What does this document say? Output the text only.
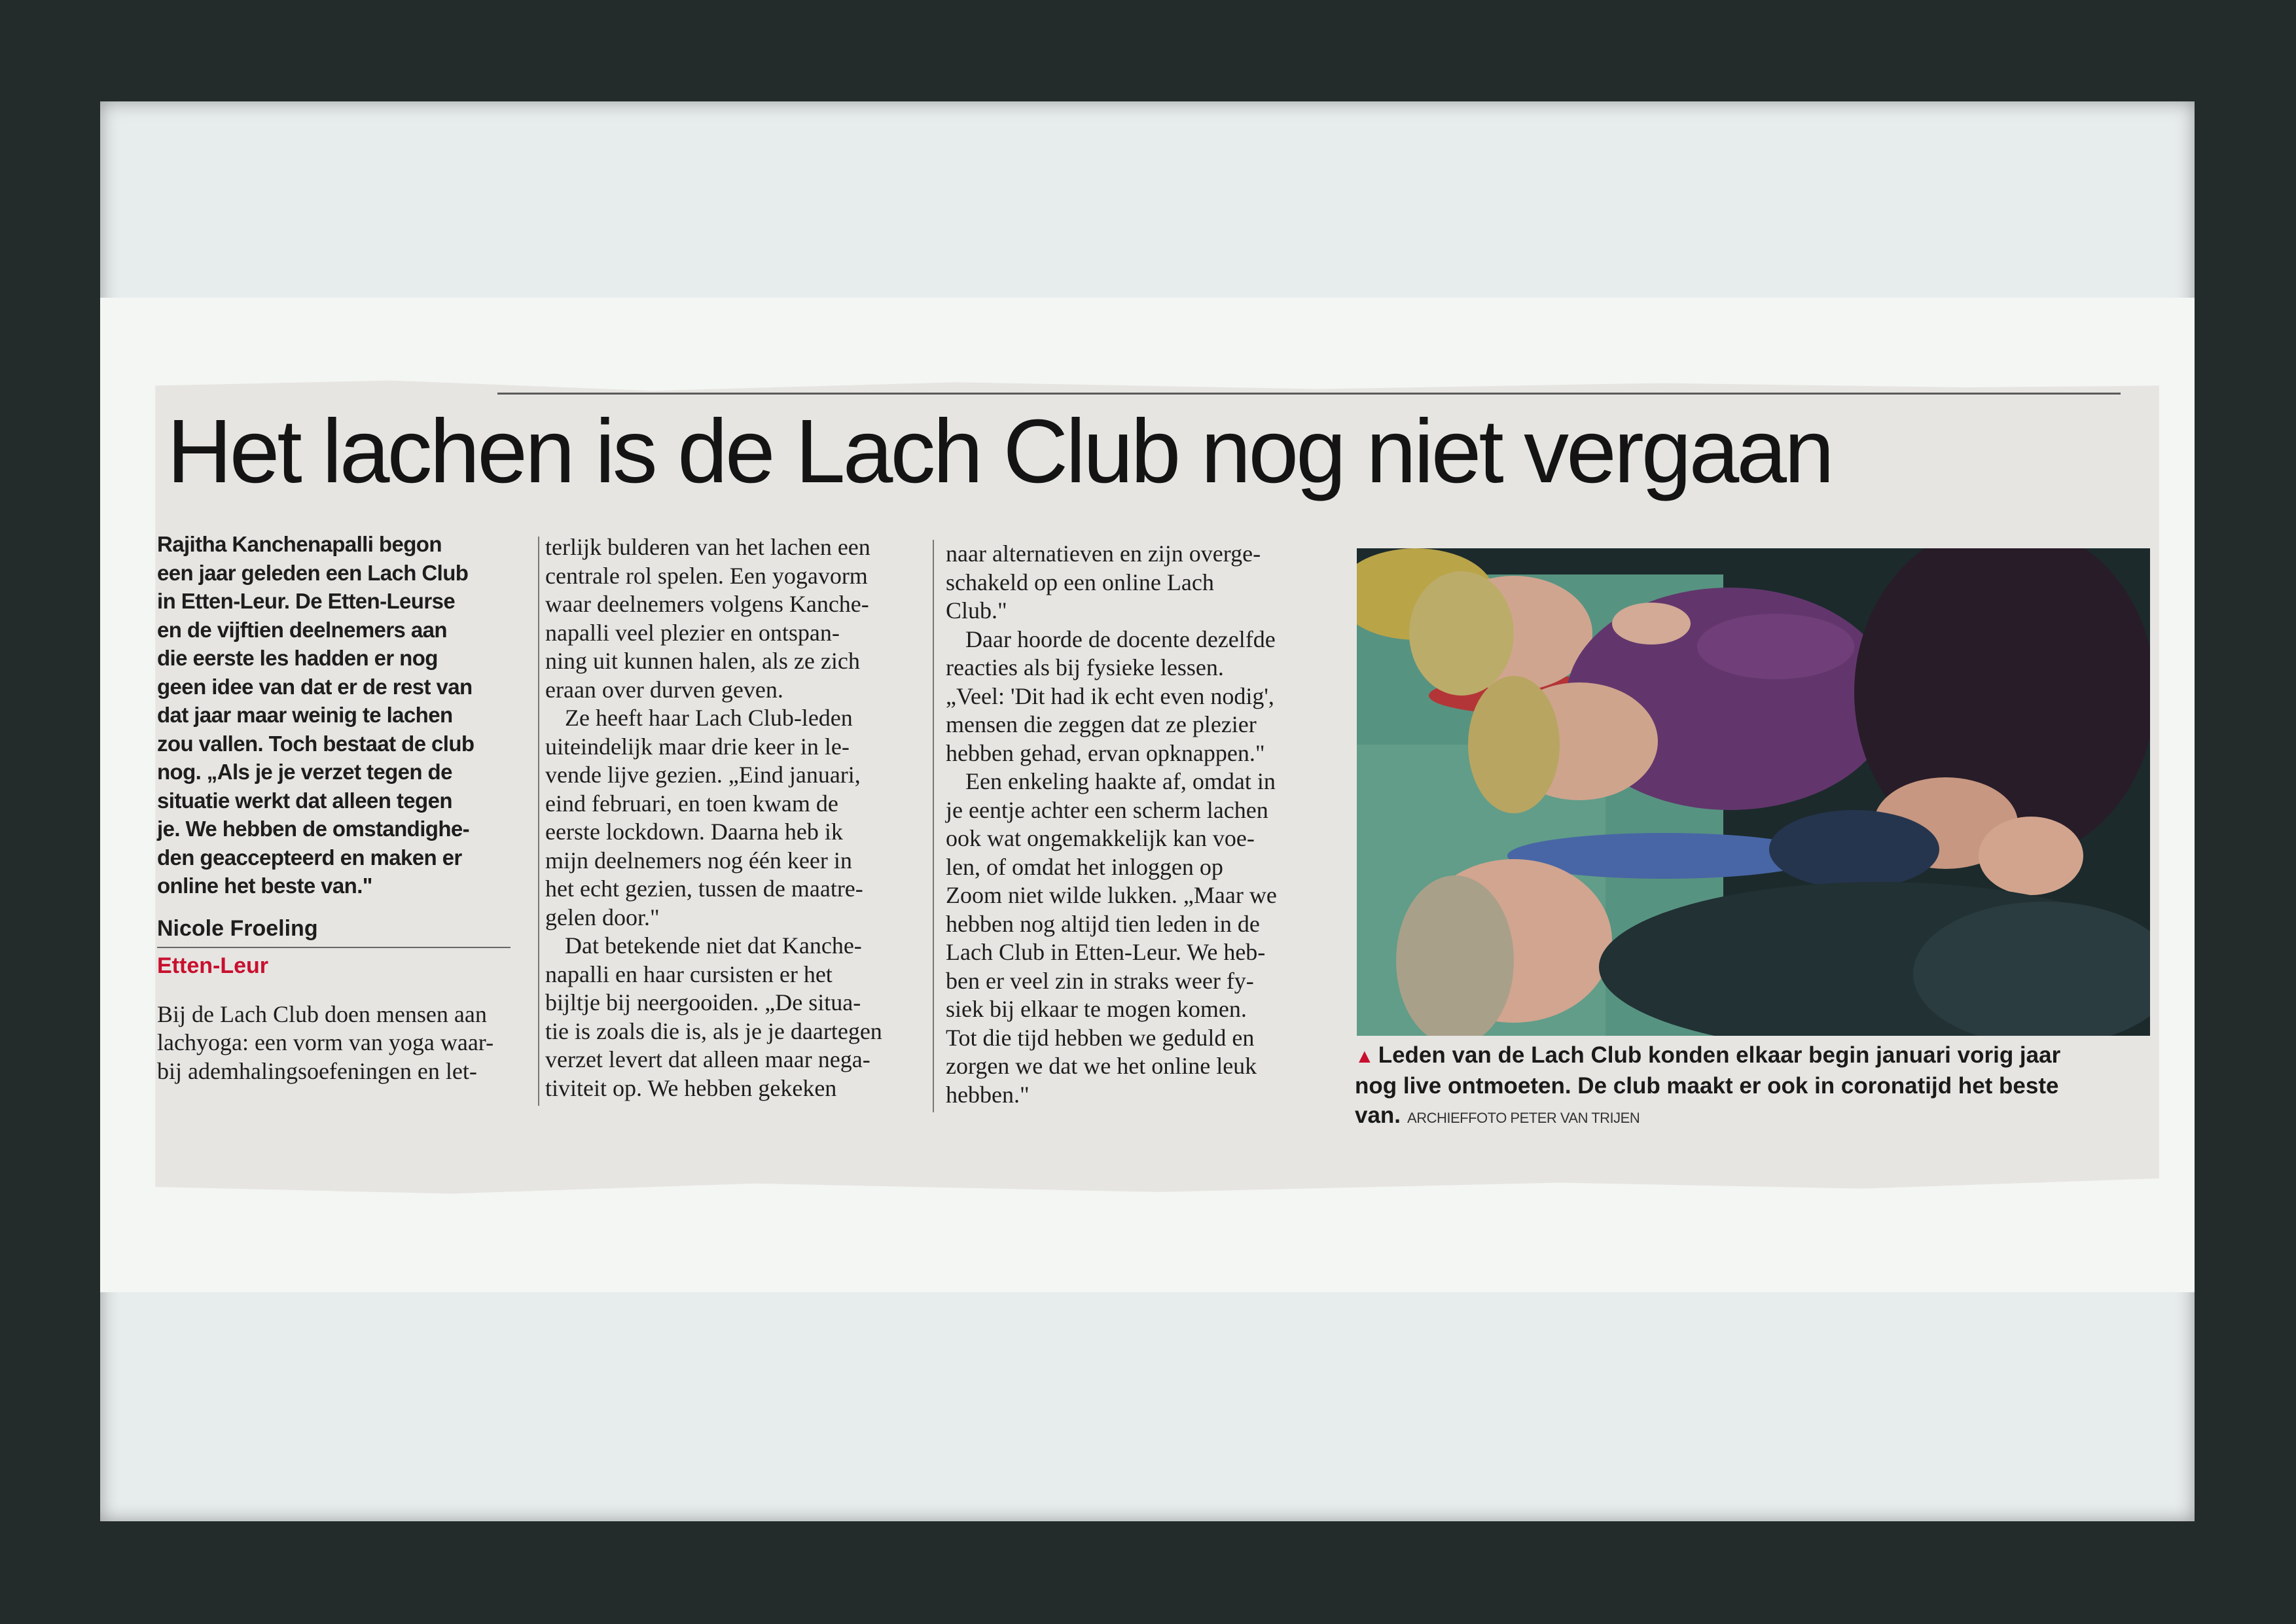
Het lachen is de Lach Club nog niet vergaan
Rajitha Kanchenapalli begon
een jaar geleden een Lach Club
in Etten-Leur. De Etten-Leurse
en de vijftien deelnemers aan
die eerste les hadden er nog
geen idee van dat er de rest van
dat jaar maar weinig te lachen
zou vallen. Toch bestaat de club
nog. „Als je je verzet tegen de
situatie werkt dat alleen tegen
je. We hebben de omstandighe-
den geaccepteerd en maken er
online het beste van."
Nicole Froeling
Etten-Leur
Bij de Lach Club doen mensen aan
lachyoga: een vorm van yoga waar-
bij ademhalingsoefeningen en let-
terlijk bulderen van het lachen een
centrale rol spelen. Een yogavorm
waar deelnemers volgens Kanche-
napalli veel plezier en ontspan-
ning uit kunnen halen, als ze zich
eraan over durven geven.
Ze heeft haar Lach Club-leden
uiteindelijk maar drie keer in le-
vende lijve gezien. „Eind januari,
eind februari, en toen kwam de
eerste lockdown. Daarna heb ik
mijn deelnemers nog één keer in
het echt gezien, tussen de maatre-
gelen door."
Dat betekende niet dat Kanche-
napalli en haar cursisten er het
bijltje bij neergooiden. „De situa-
tie is zoals die is, als je je daartegen
verzet levert dat alleen maar nega-
tiviteit op. We hebben gekeken
naar alternatieven en zijn overge-
schakeld op een online Lach
Club."
Daar hoorde de docente dezelfde
reacties als bij fysieke lessen.
„Veel: 'Dit had ik echt even nodig',
mensen die zeggen dat ze plezier
hebben gehad, ervan opknappen."
Een enkeling haakte af, omdat in
je eentje achter een scherm lachen
ook wat ongemakkelijk kan voe-
len, of omdat het inloggen op
Zoom niet wilde lukken. „Maar we
hebben nog altijd tien leden in de
Lach Club in Etten-Leur. We heb-
ben er veel zin in straks weer fy-
siek bij elkaar te mogen komen.
Tot die tijd hebben we geduld en
zorgen we dat we het online leuk
hebben."
▲ Leden van de Lach Club konden elkaar begin januari vorig jaar
nog live ontmoeten. De club maakt er ook in coronatijd het beste
van. ARCHIEFFOTO PETER VAN TRIJEN
